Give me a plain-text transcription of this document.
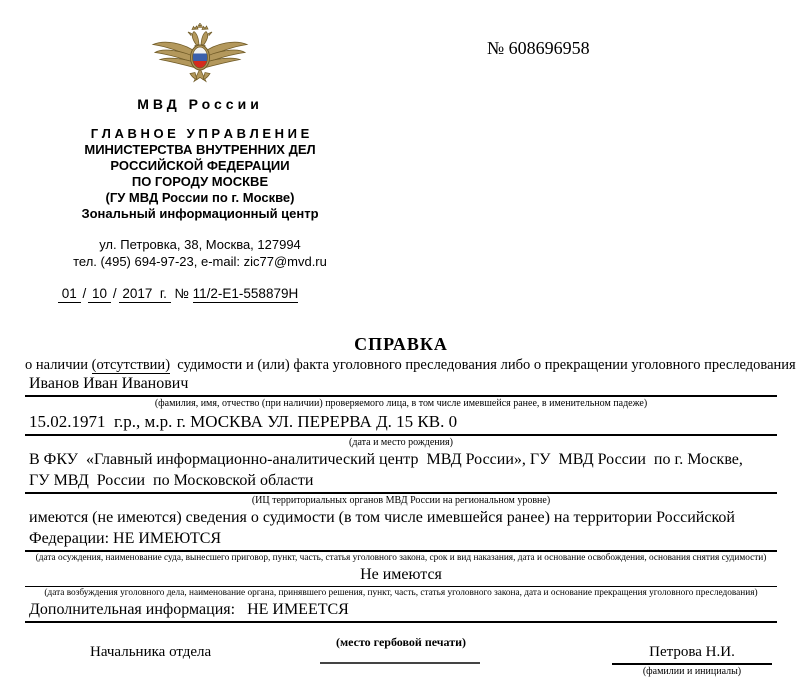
№ 608696958
МВД России
Г Л А В Н О Е   У П Р А В Л Е Н И Е
МИНИСТЕРСТВА ВНУТРЕННИХ ДЕЛ
РОССИЙСКОЙ ФЕДЕРАЦИИ
ПО ГОРОДУ МОСКВЕ
(ГУ МВД России по г. Москве)
Зональный информационный центр
ул. Петровка, 38, Москва, 127994
тел. (495) 694-97-23, e-mail: zic77@mvd.ru
01 / 10 / 2017  г.  № 11/2-Е1-558879Н
СПРАВКА
о наличии (отсутствии)  судимости и (или) факта уголовного преследования либо о прекращении уголовного преследования
Иванов Иван Иванович
(фамилия, имя, отчество (при наличии) проверяемого лица, в том числе имевшейся ранее, в именительном падеже)
15.02.1971  г.р., м.р. г. МОСКВА УЛ. ПЕРЕРВА Д. 15 КВ. 0
(дата и место рождения)
В ФКУ  «Главный информационно-аналитический центр  МВД России», ГУ  МВД России  по г. Москве,
ГУ МВД  России  по Московской области
(ИЦ территориальных органов МВД России на региональном уровне)
имеются (не имеются) сведения о судимости (в том числе имевшейся ранее) на территории Российской
Федерации: НЕ ИМЕЮТСЯ
(дата осуждения, наименование суда, вынесшего приговор, пункт, часть, статья уголовного закона, срок и вид наказания, дата и основание освобождения, основания снятия судимости)
Не имеются
(дата возбуждения уголовного дела, наименование органа, принявшего решения, пункт, часть, статья уголовного закона, дата и основание прекращения уголовного преследования)
Дополнительная информация:   НЕ ИМЕЕТСЯ
(место гербовой печати)
Начальника отдела	Петрова Н.И.
(фамилии и инициалы)
